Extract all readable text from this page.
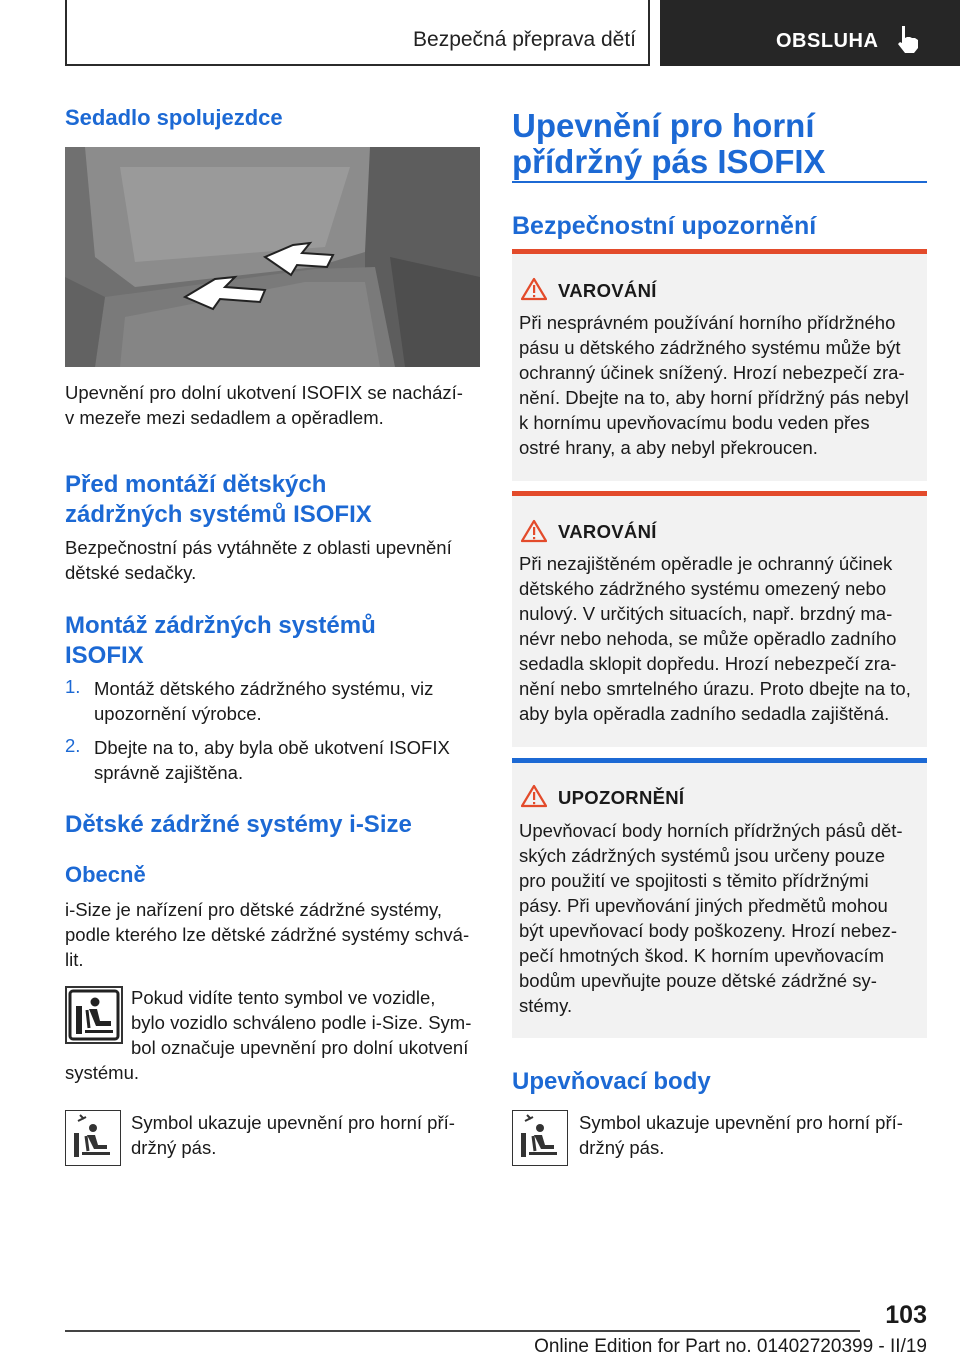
Bezpečná přeprava dětí	OBSLUHA
Sedadlo spolujezdce
Upevnění pro dolní ukotvení ISOFIX se nachází‐
v mezeře mezi sedadlem a opěradlem.
Před montáží dětských
zádržných systémů ISOFIX
Bezpečnostní pás vytáhněte z oblasti upevnění
dětské sedačky.
Montáž zádržných systémů
ISOFIX
1. Montáž dětského zádržného systému, viz
upozornění výrobce.
2. Dbejte na to, aby byla obě ukotvení ISOFIX
správně zajištěna.
Dětské zádržné systémy i-Size
Obecně
i-Size je nařízení pro dětské zádržné systémy,
podle kterého lze dětské zádržné systémy schvá‐
lit.
Pokud vidíte tento symbol ve vozidle,
bylo vozidlo schváleno podle i-Size. Sym‐
bol označuje upevnění pro dolní ukotvení
systému.
Symbol ukazuje upevnění pro horní pří‐
držný pás.
Upevnění pro horní
přídržný pás ISOFIX
Bezpečnostní upozornění
VAROVÁNÍ
Při nesprávném používání horního přídržného
pásu u dětského zádržného systému může být
ochranný účinek snížený. Hrozí nebezpečí zra‐
nění. Dbejte na to, aby horní přídržný pás nebyl
k hornímu upevňovacímu bodu veden přes
ostré hrany, a aby nebyl překroucen.
VAROVÁNÍ
Při nezajištěném opěradle je ochranný účinek
dětského zádržného systému omezený nebo
nulový. V určitých situacích, např. brzdný ma‐
névr nebo nehoda, se může opěradlo zadního
sedadla sklopit dopředu. Hrozí nebezpečí zra‐
nění nebo smrtelného úrazu. Proto dbejte na to,
aby byla opěradla zadního sedadla zajištěná.
UPOZORNĚNÍ
Upevňovací body horních přídržných pásů dět‐
ských zádržných systémů jsou určeny pouze
pro použití ve spojitosti s těmito přídržnými
pásy. Při upevňování jiných předmětů mohou
být upevňovací body poškozeny. Hrozí nebez‐
pečí hmotných škod. K horním upevňovacím
bodům upevňujte pouze dětské zádržné sy‐
stémy.
Upevňovací body
Symbol ukazuje upevnění pro horní pří‐
držný pás.
103
Online Edition for Part no. 01402720399 - II/19
